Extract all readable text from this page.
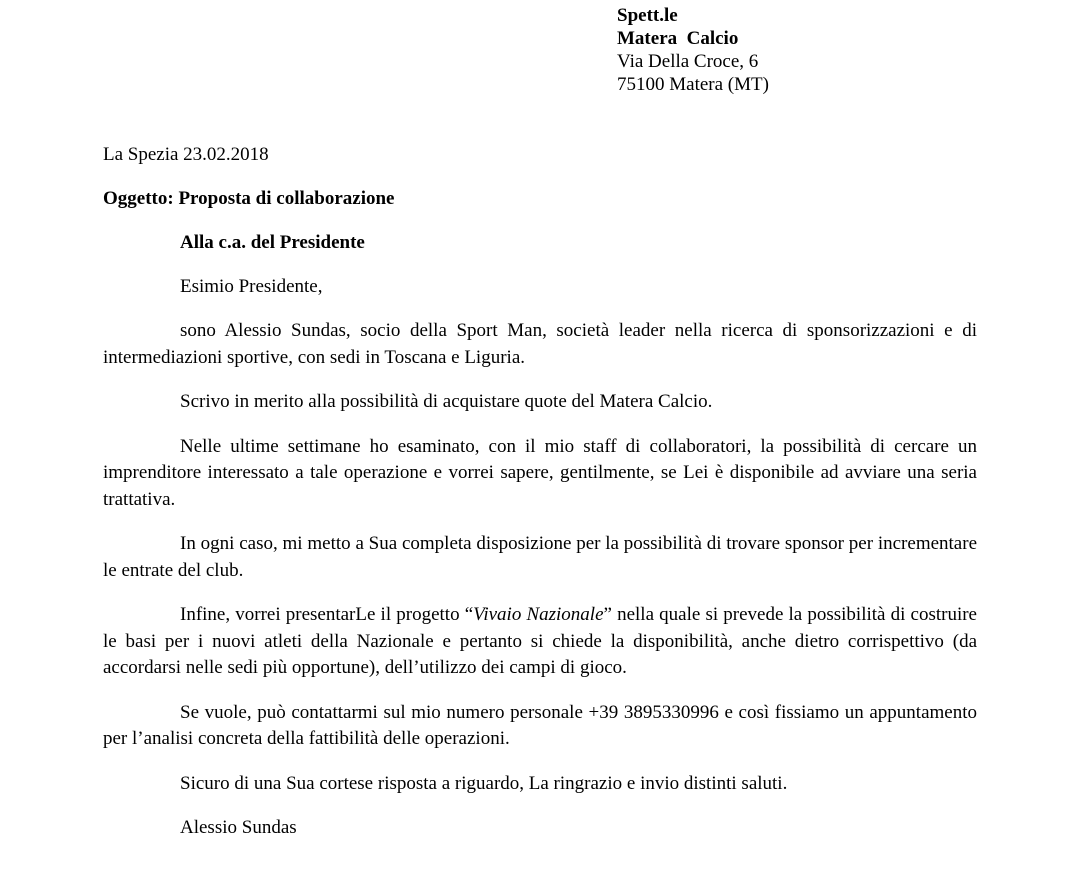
Spett.le
Matera  Calcio
Via Della Croce, 6
75100 Matera (MT)

La Spezia 23.02.2018

Oggetto: Proposta di collaborazione

Alla c.a. del Presidente

Esimio Presidente,

sono Alessio Sundas, socio della Sport Man, società leader nella ricerca di sponsorizzazioni e di intermediazioni sportive, con sedi in Toscana e Liguria.

Scrivo in merito alla possibilità di acquistare quote del Matera Calcio.

Nelle ultime settimane ho esaminato, con il mio staff di collaboratori, la possibilità di cercare un imprenditore interessato a tale operazione e vorrei sapere, gentilmente, se Lei è disponibile ad avviare una seria trattativa.

In ogni caso, mi metto a Sua completa disposizione per la possibilità di trovare sponsor per incrementare le entrate del club.

Infine, vorrei presentarLe il progetto “Vivaio Nazionale” nella quale si prevede la possibilità di costruire le basi per i nuovi atleti della Nazionale e pertanto si chiede la disponibilità, anche dietro corrispettivo (da accordarsi nelle sedi più opportune), dell’utilizzo dei campi di gioco.

Se vuole, può contattarmi sul mio numero personale +39 3895330996 e così fissiamo un appuntamento per l’analisi concreta della fattibilità delle operazioni.

Sicuro di una Sua cortese risposta a riguardo, La ringrazio e invio distinti saluti.

Alessio Sundas
